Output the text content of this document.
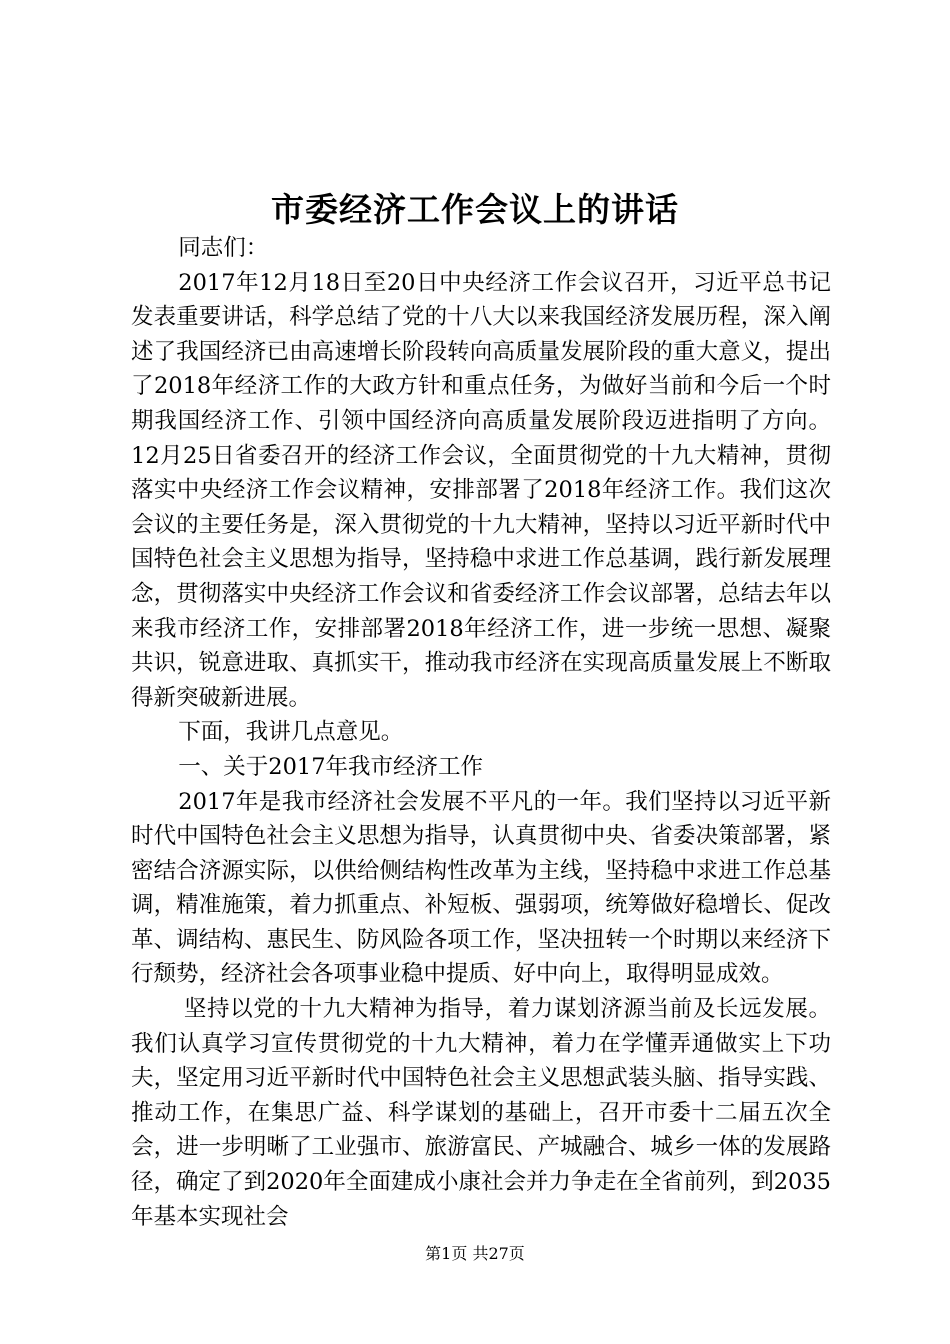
市委经济工作会议上的讲话

同志们：

2017年12月18日至20日中央经济工作会议召开，习近平总书记发表重要讲话，科学总结了党的十八大以来我国经济发展历程，深入阐述了我国经济已由高速增长阶段转向高质量发展阶段的重大意义，提出了2018年经济工作的大政方针和重点任务，为做好当前和今后一个时期我国经济工作、引领中国经济向高质量发展阶段迈进指明了方向。12月25日省委召开的经济工作会议，全面贯彻党的十九大精神，贯彻落实中央经济工作会议精神，安排部署了2018年经济工作。我们这次会议的主要任务是，深入贯彻党的十九大精神，坚持以习近平新时代中国特色社会主义思想为指导，坚持稳中求进工作总基调，践行新发展理念，贯彻落实中央经济工作会议和省委经济工作会议部署，总结去年以来我市经济工作，安排部署2018年经济工作，进一步统一思想、凝聚共识，锐意进取、真抓实干，推动我市经济在实现高质量发展上不断取得新突破新进展。

下面，我讲几点意见。

一、关于2017年我市经济工作

2017年是我市经济社会发展不平凡的一年。我们坚持以习近平新时代中国特色社会主义思想为指导，认真贯彻中央、省委决策部署，紧密结合济源实际，以供给侧结构性改革为主线，坚持稳中求进工作总基调，精准施策，着力抓重点、补短板、强弱项，统筹做好稳增长、促改革、调结构、惠民生、防风险各项工作，坚决扭转一个时期以来经济下行颓势，经济社会各项事业稳中提质、好中向上，取得明显成效。

坚持以党的十九大精神为指导，着力谋划济源当前及长远发展。我们认真学习宣传贯彻党的十九大精神，着力在学懂弄通做实上下功夫，坚定用习近平新时代中国特色社会主义思想武装头脑、指导实践、推动工作，在集思广益、科学谋划的基础上，召开市委十二届五次全会，进一步明晰了工业强市、旅游富民、产城融合、城乡一体的发展路径，确定了到2020年全面建成小康社会并力争走在全省前列，到2035年基本实现社会

第1页 共27页
